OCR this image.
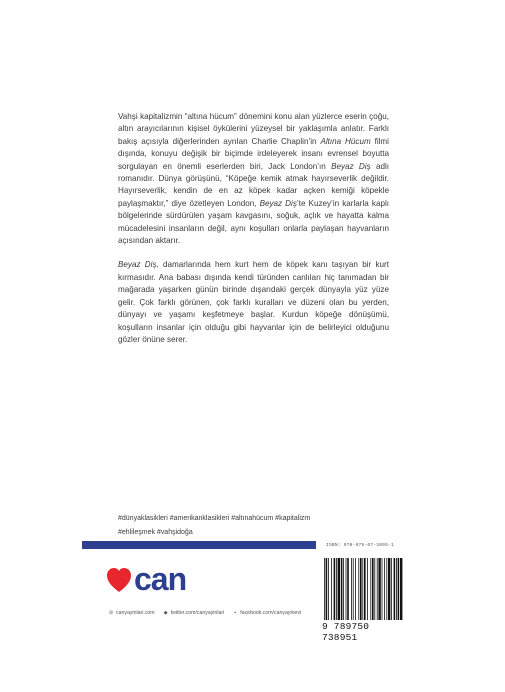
Vahşi kapitalizmin “altına hücum” dönemini konu alan yüzlerce eserin çoğu, altın arayıcılarının kişisel öykülerini yüzeysel bir yaklaşımla anlatır. Farklı bakış açısıyla diğerlerinden ayrılan Charlie Chaplin’in Altına Hücum filmi dışında, konuyu değişik bir biçimde irdeleyerek insanı evrensel boyutta sorgulayan en önemli eserlerden biri, Jack London’ın Beyaz Diş adlı romanıdır. Dünya görüşünü, “Köpeğe kemik atmak hayırseverlik değildir. Hayırseverlik, kendin de en az köpek kadar açken kemiği köpekle paylaşmaktır,” diye özetleyen London, Beyaz Diş’te Kuzey’in karlarla kaplı bölgelerinde sürdürülen yaşam kavgasını, soğuk, açlık ve hayatta kalma mücadelesini insanların değil, aynı koşulları onlarla paylaşan hayvanların açısından aktarır.

Beyaz Diş, damarlarında hem kurt hem de köpek kanı taşıyan bir kurt kırmasıdır. Ana babası dışında kendi türünden canlıları hiç tanımadan bir mağarada yaşarken günün birinde dışarıdaki gerçek dünyayla yüz yüze gelir. Çok farklı görünen, çok farklı kuralları ve düzeni olan bu yerden, dünyayı ve yaşamı keşfetmeye başlar. Kurdun köpeğe dönüşümü, koşulların insanlar için olduğu gibi hayvanlar için de belirleyici olduğunu gözler önüne serer.

#dünyaklasikleri #amerikanklasikleri #altınahücum #kapitalizm
#ehlileşmek #vahşidoğa
ISBN: 978-975-07-3895-1
can
⊘ canyayinlari.com ◆ twitter.com/canyayinlari	▪ facebook.com/canyayinevi
9 789750 738951
